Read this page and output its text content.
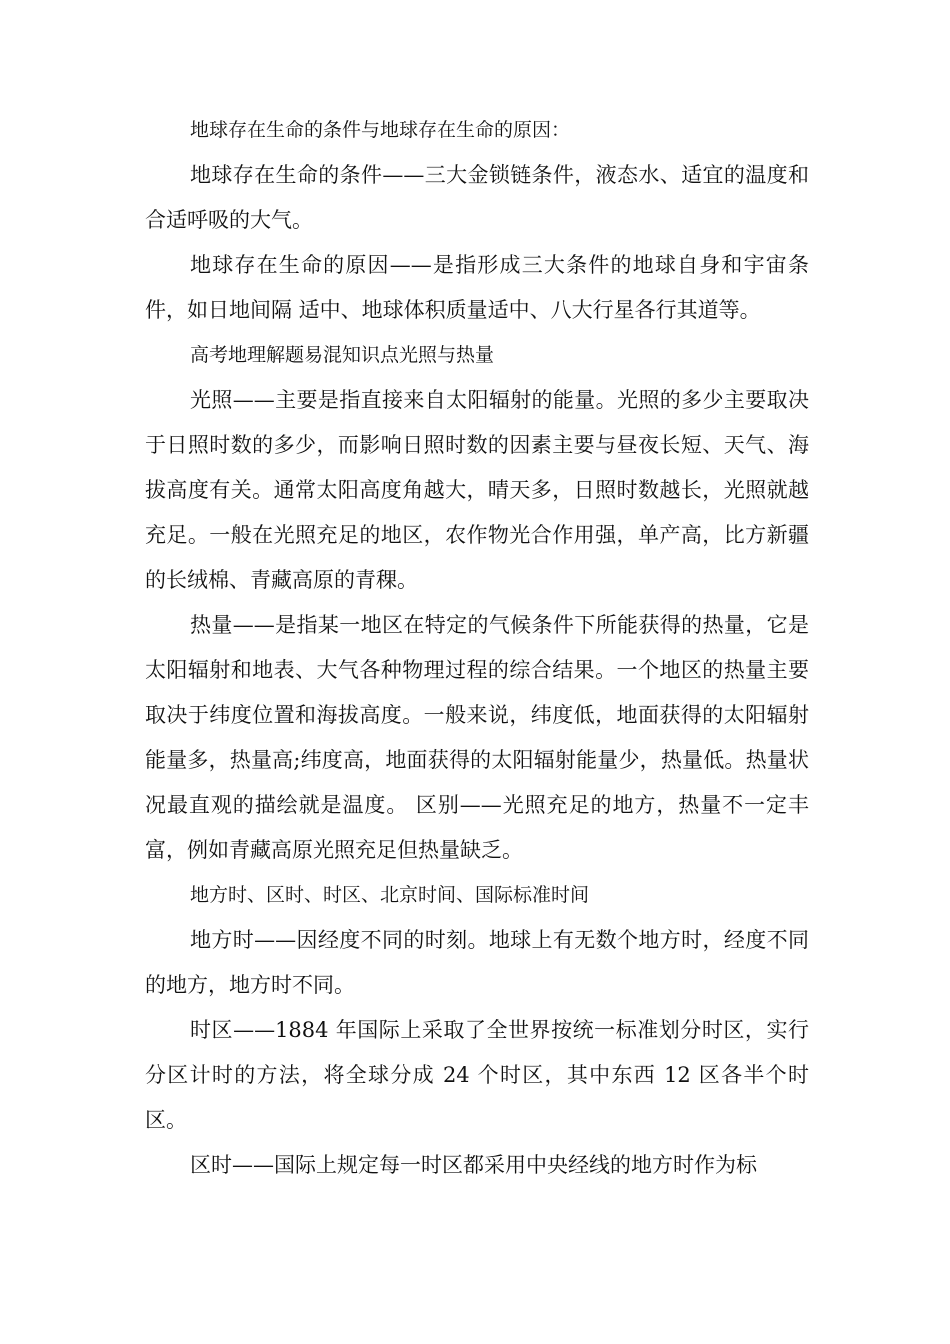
地球存在生命的条件与地球存在生命的原因：

地球存在生命的条件——三大金锁链条件，液态水、适宜的温度和合适呼吸的大气。

地球存在生命的原因——是指形成三大条件的地球自身和宇宙条件，如日地间隔 适中、地球体积质量适中、八大行星各行其道等。

高考地理解题易混知识点光照与热量

光照——主要是指直接来自太阳辐射的能量。光照的多少主要取决于日照时数的多少，而影响日照时数的因素主要与昼夜长短、天气、海拔高度有关。通常太阳高度角越大，晴天多，日照时数越长，光照就越充足。一般在光照充足的地区，农作物光合作用强，单产高，比方新疆的长绒棉、青藏高原的青稞。

热量——是指某一地区在特定的气候条件下所能获得的热量，它是太阳辐射和地表、大气各种物理过程的综合结果。一个地区的热量主要取决于纬度位置和海拔高度。一般来说，纬度低，地面获得的太阳辐射能量多，热量高;纬度高，地面获得的太阳辐射能量少，热量低。热量状况最直观的描绘就是温度。 区别——光照充足的地方，热量不一定丰富，例如青藏高原光照充足但热量缺乏。

地方时、区时、时区、北京时间、国际标准时间

地方时——因经度不同的时刻。地球上有无数个地方时，经度不同的地方，地方时不同。

时区——1884 年国际上采取了全世界按统一标准划分时区，实行分区计时的方法，将全球分成 24 个时区，其中东西 12 区各半个时区。

区时——国际上规定每一时区都采用中央经线的地方时作为标
